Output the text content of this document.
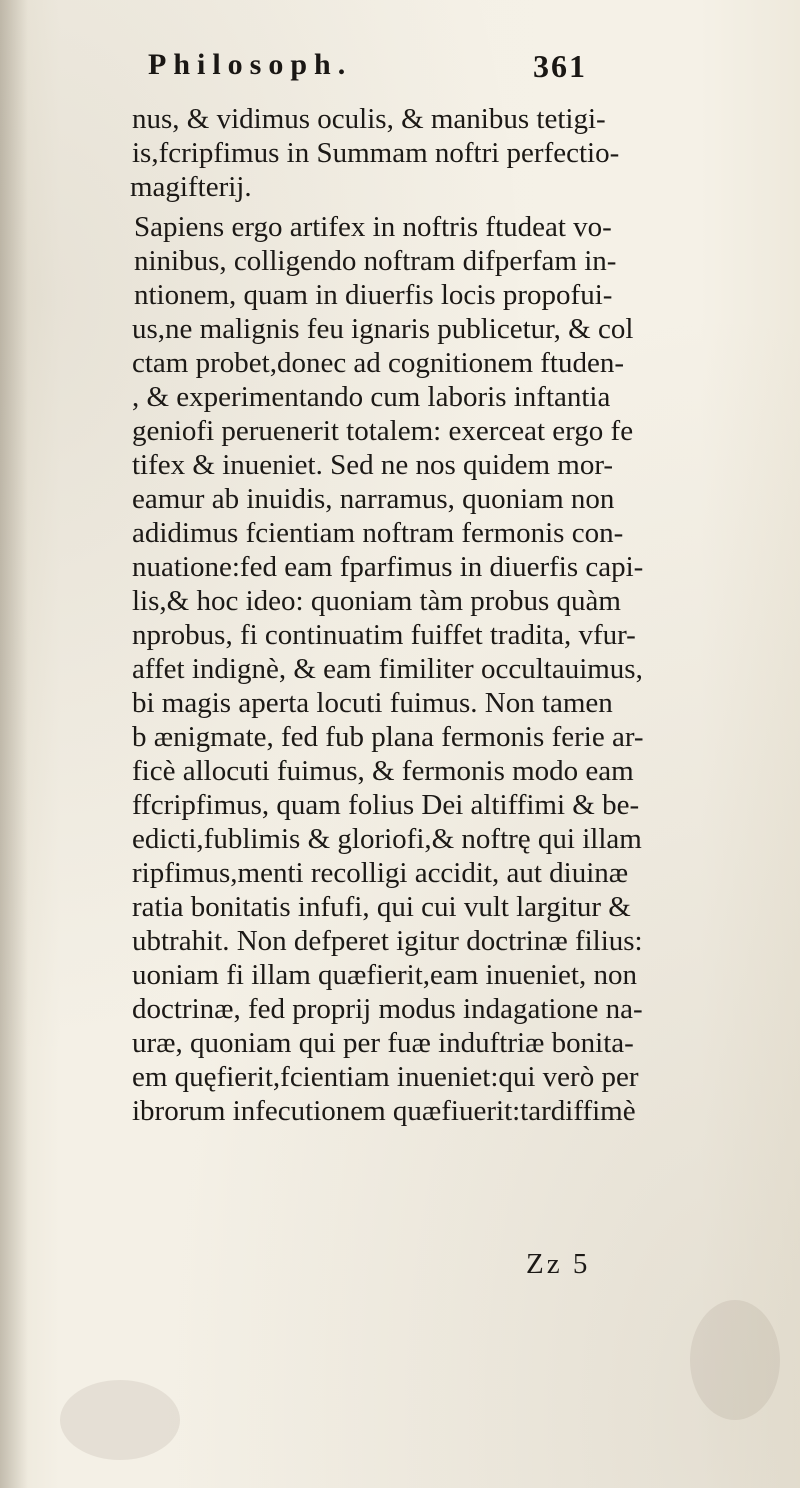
Philosoph.	361
nus, & vidimus oculis, & manibus tetigi-
is,fcripfimus in Summam noftri perfectio-
magifterij.
Sapiens ergo artifex in noftris ftudeat vo-
ninibus, colligendo noftram difperfam in-
ntionem, quam in diuerfis locis propofui-
us,ne malignis feu ignaris publicetur, & col
ctam probet,donec ad cognitionem ftuden-
, & experimentando cum laboris inftantia
geniofi peruenerit totalem: exerceat ergo fe
tifex & inueniet. Sed ne nos quidem mor-
eamur ab inuidis, narramus, quoniam non
adidimus fcientiam noftram fermonis con-
nuatione:fed eam fparfimus in diuerfis capi-
lis,& hoc ideo: quoniam tàm probus quàm
nprobus, fi continuatim fuiffet tradita, vfur-
affet indignè, & eam fimiliter occultauimus,
bi magis aperta locuti fuimus. Non tamen
b ænigmate, fed fub plana fermonis ferie ar-
ficè allocuti fuimus, & fermonis modo eam
ffcripfimus, quam folius Dei altiffimi & be-
edicti,fublimis & gloriofi,& noftrę qui illam
ripfimus,menti recolligi accidit, aut diuinæ
ratia bonitatis infufi, qui cui vult largitur &
ubtrahit. Non defperet igitur doctrinæ filius:
uoniam fi illam quæfierit,eam inueniet, non
doctrinæ, fed proprij modus indagatione na-
uræ, quoniam qui per fuæ induftriæ bonita-
em quęfierit,fcientiam inueniet:qui verò per
ibrorum infecutionem quæfiuerit:tardiffimè
Zz 5
